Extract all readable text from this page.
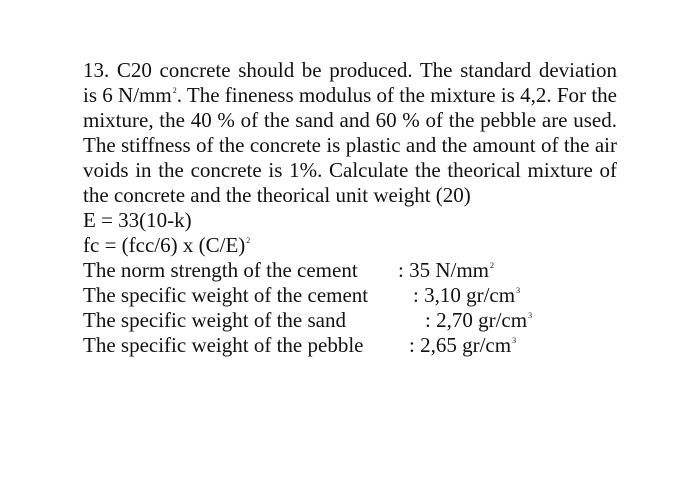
13. C20 concrete should be produced. The standard deviation is 6 $N/mm^2$. The fineness modulus of the mixture is 4,2. For the mixture, the 40 % of the sand and 60 % of the pebble are used. The stiffness of the concrete is plastic and the amount of the air voids in the concrete is 1%. Calculate the theorical mixture of the concrete and the theorical unit weight (20)

E = 33(10-k)
fc = (fcc/6) x $(C/E)^2$
The norm strength of the cement : 35 $N/mm^2$
The specific weight of the cement : 3,10 $gr/cm^3$
The specific weight of the sand	: 2,70 $gr/cm^3$
The specific weight of the pebble : 2,65 $gr/cm^3$
